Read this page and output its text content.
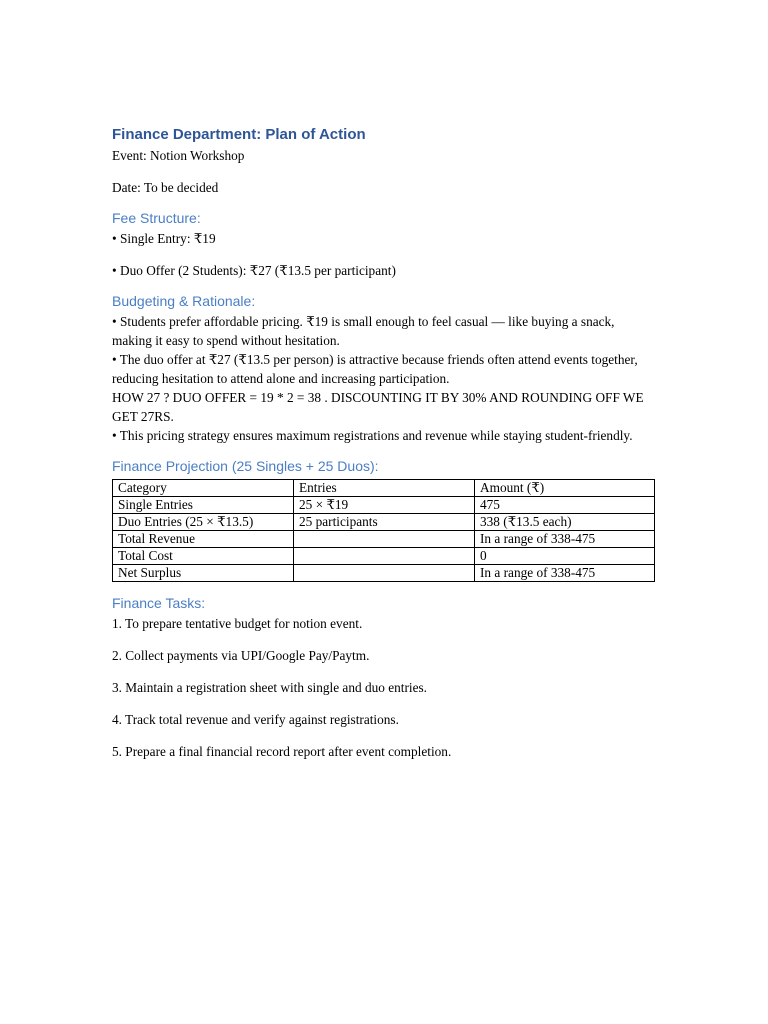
Finance Department: Plan of Action
Event: Notion Workshop
Date: To be decided
Fee Structure:
• Single Entry: ₹19
• Duo Offer (2 Students): ₹27 (₹13.5 per participant)
Budgeting & Rationale:
• Students prefer affordable pricing. ₹19 is small enough to feel casual — like buying a snack, making it easy to spend without hesitation.
• The duo offer at ₹27 (₹13.5 per person) is attractive because friends often attend events together, reducing hesitation to attend alone and increasing participation.
HOW 27 ? DUO OFFER = 19 * 2 = 38 . DISCOUNTING IT BY 30% AND ROUNDING OFF WE GET 27RS.
• This pricing strategy ensures maximum registrations and revenue while staying student-friendly.
Finance Projection (25 Singles + 25 Duos):
Category	Entries	Amount (₹)
Single Entries	25 × ₹19	475
Duo Entries (25 × ₹13.5)	25 participants	338 (₹13.5 each)
Total Revenue		In a range of 338-475
Total Cost		0
Net Surplus		In a range of 338-475
Finance Tasks:
1. To prepare tentative budget for notion event.
2. Collect payments via UPI/Google Pay/Paytm.
3. Maintain a registration sheet with single and duo entries.
4. Track total revenue and verify against registrations.
5. Prepare a final financial record report after event completion.
